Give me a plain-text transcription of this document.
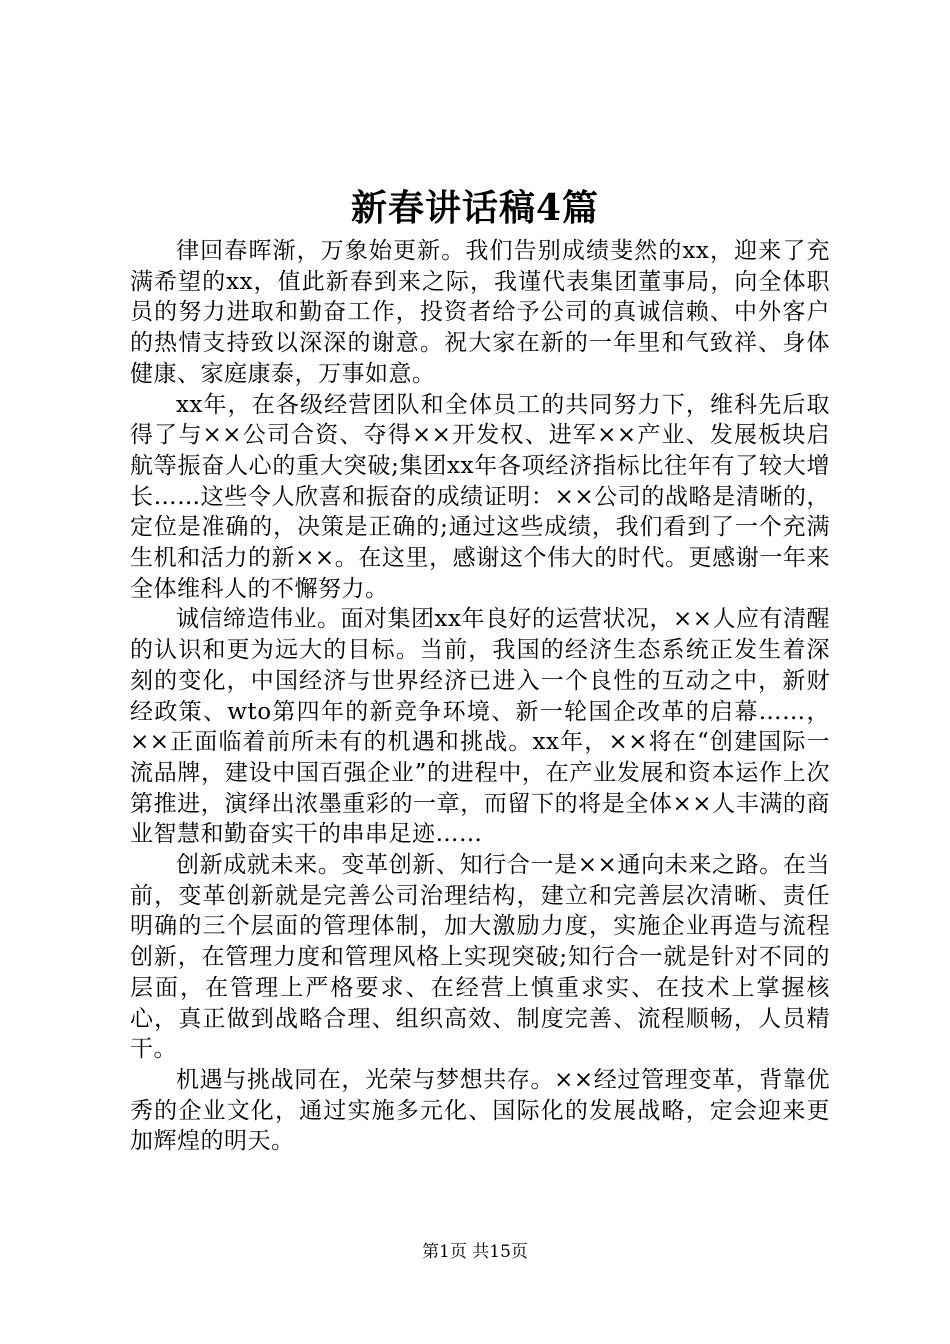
新春讲话稿4篇

律回春晖渐，万象始更新。我们告别成绩斐然的xx，迎来了充满希望的xx，值此新春到来之际，我谨代表集团董事局，向全体职员的努力进取和勤奋工作，投资者给予公司的真诚信赖、中外客户的热情支持致以深深的谢意。祝大家在新的一年里和气致祥、身体健康、家庭康泰，万事如意。

xx年，在各级经营团队和全体员工的共同努力下，维科先后取得了与××公司合资、夺得××开发权、进军××产业、发展板块启航等振奋人心的重大突破;集团xx年各项经济指标比往年有了较大增长……这些令人欣喜和振奋的成绩证明：××公司的战略是清晰的，定位是准确的，决策是正确的;通过这些成绩，我们看到了一个充满生机和活力的新××。在这里，感谢这个伟大的时代。更感谢一年来全体维科人的不懈努力。

诚信缔造伟业。面对集团xx年良好的运营状况，××人应有清醒的认识和更为远大的目标。当前，我国的经济生态系统正发生着深刻的变化，中国经济与世界经济已进入一个良性的互动之中，新财经政策、wto第四年的新竞争环境、新一轮国企改革的启幕……，××正面临着前所未有的机遇和挑战。xx年，××将在“创建国际一流品牌，建设中国百强企业”的进程中，在产业发展和资本运作上次第推进，演绎出浓墨重彩的一章，而留下的将是全体××人丰满的商业智慧和勤奋实干的串串足迹……

创新成就未来。变革创新、知行合一是××通向未来之路。在当前，变革创新就是完善公司治理结构，建立和完善层次清晰、责任明确的三个层面的管理体制，加大激励力度，实施企业再造与流程创新，在管理力度和管理风格上实现突破;知行合一就是针对不同的层面，在管理上严格要求、在经营上慎重求实、在技术上掌握核心，真正做到战略合理、组织高效、制度完善、流程顺畅，人员精干。

机遇与挑战同在，光荣与梦想共存。××经过管理变革，背靠优秀的企业文化，通过实施多元化、国际化的发展战略，定会迎来更加辉煌的明天。

第1页 共15页
